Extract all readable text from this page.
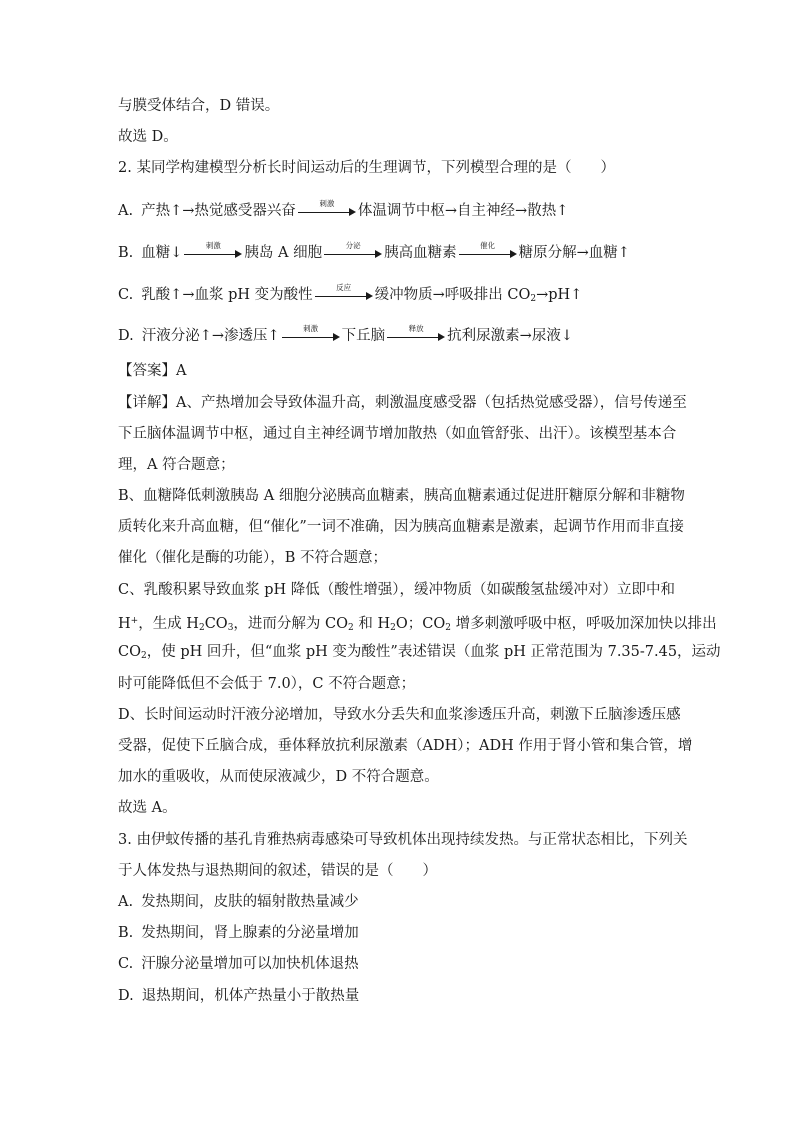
与膜受体结合，D 错误。
故选 D。
2. 某同学构建模型分析长时间运动后的生理调节，下列模型合理的是（　　）
A. 产热↑→热觉感受器兴奋	刺激	体温调节中枢→自主神经→散热↑
B. 血糖↓	刺激	胰岛 A 细胞	分泌	胰高血糖素	催化	糖原分解→血糖↑
C. 乳酸↑→血浆 pH 变为酸性	反应	缓冲物质→呼吸排出 $CO_2\to pH↑$
D. 汗液分泌↑→渗透压↑	刺激	下丘脑	释放	抗利尿激素→尿液↓
【答案】A
【详解】A、产热增加会导致体温升高，刺激温度感受器（包括热觉感受器），信号传递至
下丘脑体温调节中枢，通过自主神经调节增加散热（如血管舒张、出汗）。该模型基本合
理，A 符合题意；
B、血糖降低刺激胰岛 A 细胞分泌胰高血糖素，胰高血糖素通过促进肝糖原分解和非糖物
质转化来升高血糖，但“催化”一词不准确，因为胰高血糖素是激素，起调节作用而非直接
催化（催化是酶的功能），B 不符合题意；
C、乳酸积累导致血浆 pH 降低（酸性增强），缓冲物质（如碳酸氢盐缓冲对）立即中和
H+，生成 $H_2CO_3$，进而分解为 $CO_2$ 和 $H_2O$；$CO_2$ 增多刺激呼吸中枢，呼吸加深加快以排出
$CO_2$，使 pH 回升，但“血浆 pH 变为酸性”表述错误（血浆 pH 正常范围为 7.35-7.45，运动
时可能降低但不会低于 7.0），C 不符合题意；
D、长时间运动时汗液分泌增加，导致水分丢失和血浆渗透压升高，刺激下丘脑渗透压感
受器，促使下丘脑合成，垂体释放抗利尿激素（ADH）；ADH 作用于肾小管和集合管，增
加水的重吸收，从而使尿液减少，D 不符合题意。
故选 A。
3. 由伊蚊传播的基孔肯雅热病毒感染可导致机体出现持续发热。与正常状态相比，下列关
于人体发热与退热期间的叙述，错误的是（　　）
A. 发热期间，皮肤的辐射散热量减少
B. 发热期间，肾上腺素的分泌量增加
C. 汗腺分泌量增加可以加快机体退热
D. 退热期间，机体产热量小于散热量
